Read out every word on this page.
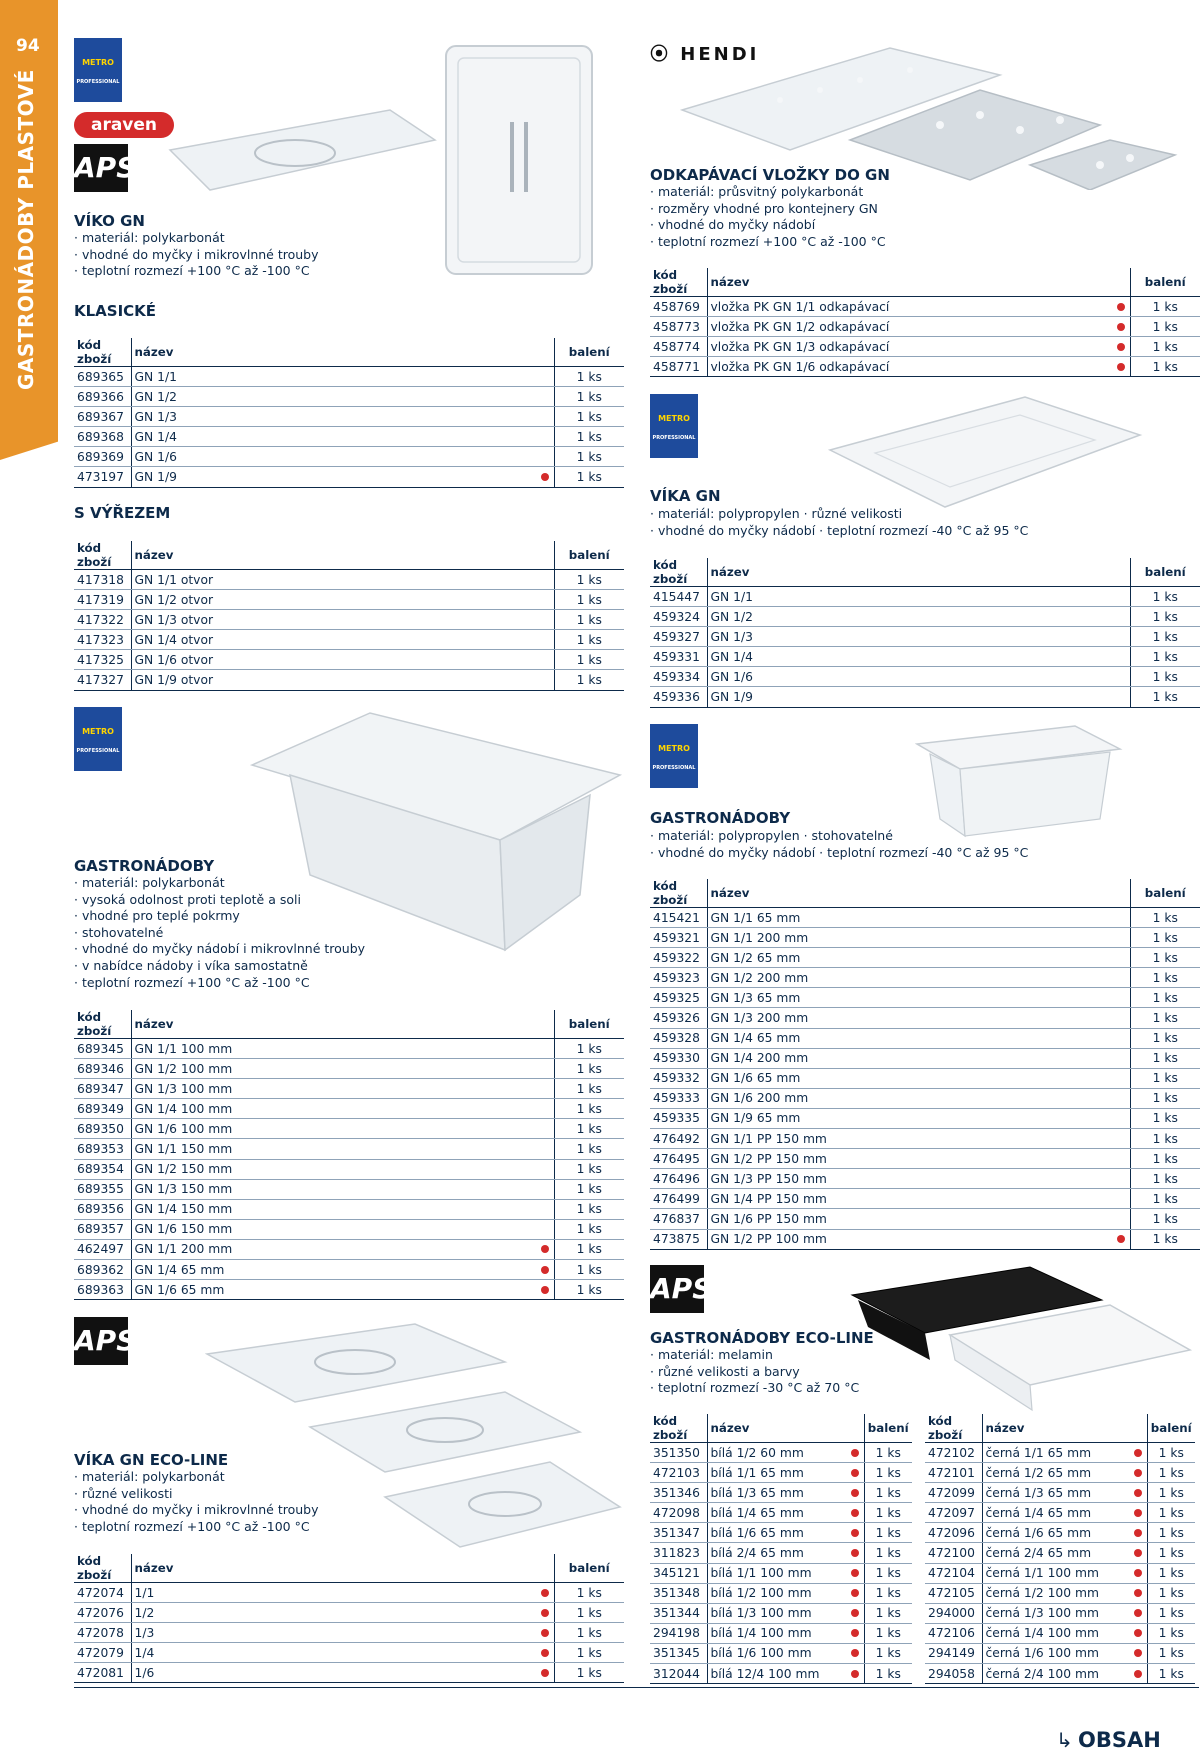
94
GASTRONÁDOBY PLASTOVÉ
METRO
PROFESSIONAL
araven
APS
VÍKO GN
· materiál: polykarbonát
· vhodné do myčky i mikrovlnné trouby
· teplotní rozmezí +100 °C až -100 °C
KLASICKÉ
kód zboží	název		balení
689365	GN 1/1		1 ks
689366	GN 1/2		1 ks
689367	GN 1/3		1 ks
689368	GN 1/4		1 ks
689369	GN 1/6		1 ks
473197	GN 1/9		1 ks
S VÝŘEZEM
kód zboží	název		balení
417318	GN 1/1 otvor		1 ks
417319	GN 1/2 otvor		1 ks
417322	GN 1/3 otvor		1 ks
417323	GN 1/4 otvor		1 ks
417325	GN 1/6 otvor		1 ks
417327	GN 1/9 otvor		1 ks
METRO
PROFESSIONAL
GASTRONÁDOBY
· materiál: polykarbonát
· vysoká odolnost proti teplotě a soli
· vhodné pro teplé pokrmy
· stohovatelné
· vhodné do myčky nádobí i mikrovlnné trouby
· v nabídce nádoby i víka samostatně
· teplotní rozmezí +100 °C až -100 °C
kód zboží	název		balení
689345	GN 1/1 100 mm		1 ks
689346	GN 1/2 100 mm		1 ks
689347	GN 1/3 100 mm		1 ks
689349	GN 1/4 100 mm		1 ks
689350	GN 1/6 100 mm		1 ks
689353	GN 1/1 150 mm		1 ks
689354	GN 1/2 150 mm		1 ks
689355	GN 1/3 150 mm		1 ks
689356	GN 1/4 150 mm		1 ks
689357	GN 1/6 150 mm		1 ks
462497	GN 1/1 200 mm		1 ks
689362	GN 1/4 65 mm		1 ks
689363	GN 1/6 65 mm		1 ks
APS
VÍKA GN ECO-LINE
· materiál: polykarbonát
· různé velikosti
· vhodné do myčky i mikrovlnné trouby
· teplotní rozmezí +100 °C až -100 °C
kód zboží	název		balení
472074	1/1		1 ks
472076	1/2		1 ks
472078	1/3		1 ks
472079	1/4		1 ks
472081	1/6		1 ks
⦿ HENDI
ODKAPÁVACÍ VLOŽKY DO GN
· materiál: průsvitný polykarbonát
· rozměry vhodné pro kontejnery GN
· vhodné do myčky nádobí
· teplotní rozmezí +100 °C až -100 °C
kód zboží	název		balení
458769	vložka PK GN 1/1 odkapávací		1 ks
458773	vložka PK GN 1/2 odkapávací		1 ks
458774	vložka PK GN 1/3 odkapávací		1 ks
458771	vložka PK GN 1/6 odkapávací		1 ks
METRO
PROFESSIONAL
VÍKA GN
· materiál: polypropylen · různé velikosti
· vhodné do myčky nádobí · teplotní rozmezí -40 °C až 95 °C
kód zboží	název		balení
415447	GN 1/1		1 ks
459324	GN 1/2		1 ks
459327	GN 1/3		1 ks
459331	GN 1/4		1 ks
459334	GN 1/6		1 ks
459336	GN 1/9		1 ks
METRO
PROFESSIONAL
GASTRONÁDOBY
· materiál: polypropylen · stohovatelné
· vhodné do myčky nádobí · teplotní rozmezí -40 °C až 95 °C
kód zboží	název		balení
415421	GN 1/1 65 mm		1 ks
459321	GN 1/1 200 mm		1 ks
459322	GN 1/2 65 mm		1 ks
459323	GN 1/2 200 mm		1 ks
459325	GN 1/3 65 mm		1 ks
459326	GN 1/3 200 mm		1 ks
459328	GN 1/4 65 mm		1 ks
459330	GN 1/4 200 mm		1 ks
459332	GN 1/6 65 mm		1 ks
459333	GN 1/6 200 mm		1 ks
459335	GN 1/9 65 mm		1 ks
476492	GN 1/1 PP 150 mm		1 ks
476495	GN 1/2 PP 150 mm		1 ks
476496	GN 1/3 PP 150 mm		1 ks
476499	GN 1/4 PP 150 mm		1 ks
476837	GN 1/6 PP 150 mm		1 ks
473875	GN 1/2 PP 100 mm		1 ks
APS
GASTRONÁDOBY ECO-LINE
· materiál: melamin
· různé velikosti a barvy
· teplotní rozmezí -30 °C až 70 °C
kód zboží	název		balení
351350	bílá 1/2 60 mm		1 ks
472103	bílá 1/1 65 mm		1 ks
351346	bílá 1/3 65 mm		1 ks
472098	bílá 1/4 65 mm		1 ks
351347	bílá 1/6 65 mm		1 ks
311823	bílá 2/4 65 mm		1 ks
345121	bílá 1/1 100 mm		1 ks
351348	bílá 1/2 100 mm		1 ks
351344	bílá 1/3 100 mm		1 ks
294198	bílá 1/4 100 mm		1 ks
351345	bílá 1/6 100 mm		1 ks
312044	bílá 12/4 100 mm		1 ks
kód zboží	název		balení
472102	černá 1/1 65 mm		1 ks
472101	černá 1/2 65 mm		1 ks
472099	černá 1/3 65 mm		1 ks
472097	černá 1/4 65 mm		1 ks
472096	černá 1/6 65 mm		1 ks
472100	černá 2/4 65 mm		1 ks
472104	černá 1/1 100 mm		1 ks
472105	černá 1/2 100 mm		1 ks
294000	černá 1/3 100 mm		1 ks
472106	černá 1/4 100 mm		1 ks
294149	černá 1/6 100 mm		1 ks
294058	černá 2/4 100 mm		1 ks
↳ OBSAH
